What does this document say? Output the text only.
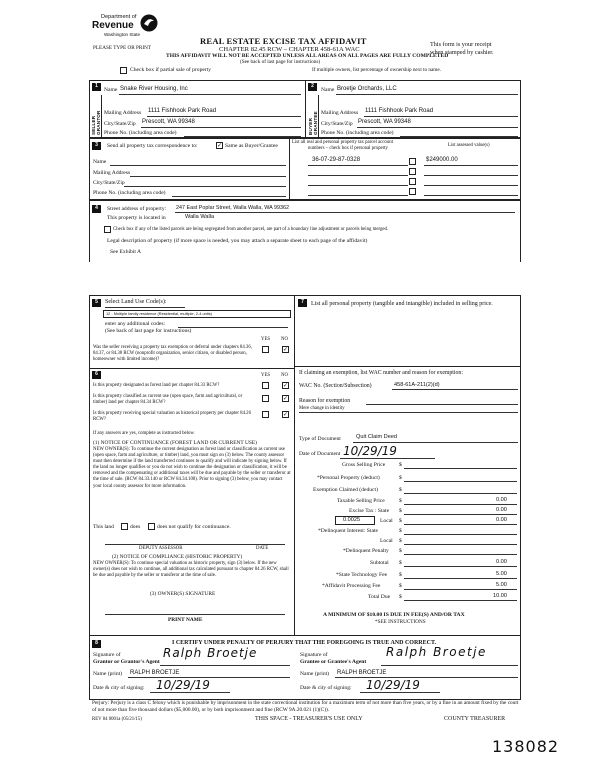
Department of
Revenue
Washington State
PLEASE TYPE OR PRINT
REAL ESTATE EXCISE TAX AFFIDAVIT
CHAPTER 82.45 RCW – CHAPTER 458-61A WAC
THIS AFFIDAVIT WILL NOT BE ACCEPTED UNLESS ALL AREAS ON ALL PAGES ARE FULLY COMPLETED
(See back of last page for instructions)
This form is your receipt
when stamped by cashier.
Check box if partial sale of property	If multiple owners, list percentage of ownership next to name.
1
SELLER GRANTOR
Name Snake River Housing, Inc
Mailing Address 1111 Fishhook Park Road
City/State/Zip Prescott, WA 99348
Phone No. (including area code)
2
BUYER GRANTEE
Name Broetje Orchards, LLC
Mailing Address 1111 Fishhook Park Road
City/State/Zip Prescott, WA 99348
Phone No. (including area code)
3	Send all property tax correspondence to:	✓ Same as Buyer/Grantee
Name
Mailing Address
City/State/Zip
Phone No. (including area code)
List all real and personal property tax parcel account
numbers – check box if personal property
List assessed value(s)
36-07-29-87-0328	$249000.00
4	Street address of property: 247 East Poplar Street, Walla Walla, WA 99362
This property is located in	Walla Walla
Check box if any of the listed parcels are being segregated from another parcel, are part of a boundary line adjustment or parcels being merged.
Legal description of property (if more space is needed, you may attach a separate sheet to each page of the affidavit)
See Exhibit A
5	Select Land Use Code(s):
12 - Multiple family residence (Residential, multiple, 2-4 units)
enter any additional codes:
(See back of last page for instructions)
YES NO
Was the seller receiving a property tax exemption or deferral under chapters 84.36, 84.37, or 84.38 RCW (nonprofit organization, senior citizen, or disabled person, homeowner with limited income)?
✓
6	YES NO
Is this property designated as forest land per chapter 84.33 RCW?	✓
Is this property classified as current use (open space, farm and agricultural, or timber) land per chapter 84.34 RCW?
✓
Is this property receiving special valuation as historical property per chapter 84.26 RCW?
✓
If any answers are yes, complete as instructed below.
(1) NOTICE OF CONTINUANCE (FOREST LAND OR CURRENT USE)
NEW OWNER(S): To continue the current designation as forest land or classification as current use (open space, farm and agriculture, or timber) land, you must sign on (3) below. The county assessor must then determine if the land transferred continues to qualify and will indicate by signing below. If the land no longer qualifies or you do not wish to continue the designation or classification, it will be removed and the compensating or additional taxes will be due and payable by the seller or transferor at the time of sale. (RCW 84.33.140 or RCW 84.34.108). Prior to signing (3) below, you may contact your local county assessor for more information.
This land	does	does not qualify for continuance.
DEPUTY ASSESSOR	DATE
(2) NOTICE OF COMPLIANCE (HISTORIC PROPERTY)
NEW OWNER(S): To continue special valuation as historic property, sign (3) below. If the new owner(s) does not wish to continue, all additional tax calculated pursuant to chapter 84.26 RCW, shall be due and payable by the seller or transferor at the time of sale.
(3) OWNER(S) SIGNATURE
PRINT NAME
7	List all personal property (tangible and intangible) included in selling price.
If claiming an exemption, list WAC number and reason for exemption:
WAC No. (Section/Subsection)	458-61A-211(2)(d)
Reason for exemption
Mere change in identity
Type of Document	Quit Claim Deed
Date of Document 10/29/19
Gross Selling Price $
*Personal Property (deduct)	$
Exemption Claimed (deduct)	$
Taxable Selling Price	$	0.00
Excise Tax : State $	0.00
0.0025	Local $	0.00
*Delinquent Interest: State	$
Local $
*Delinquent Penalty $
Subtotal $	0.00
*State Technology Fee $	5.00
*Affidavit Processing Fee	$	5.00
Total Due $	10.00
A MINIMUM OF $10.00 IS DUE IN FEE(S) AND/OR TAX
*SEE INSTRUCTIONS
8	I CERTIFY UNDER PENALTY OF PERJURY THAT THE FOREGOING IS TRUE AND CORRECT.
Signature of
Grantor or Grantor's Agent
Ralph Broetje
Name (print) RALPH BROETJE
Date & city of signing: 10/29/19
Signature of
Grantee or Grantee's Agent
Ralph Broetje
Name (print) RALPH BROETJE
Date & city of signing: 10/29/19
Perjury: Perjury is a class C felony which is punishable by imprisonment in the state correctional institution for a maximum term of not more than five years, or by a fine in an amount fixed by the court of not more than five thousand dollars ($5,000.00), or by both imprisonment and fine (RCW 9A.20.021 (1)(C)).
REV 84 0001a (05/21/15)	THIS SPACE - TREASURER'S USE ONLY	COUNTY TREASURER
138082
